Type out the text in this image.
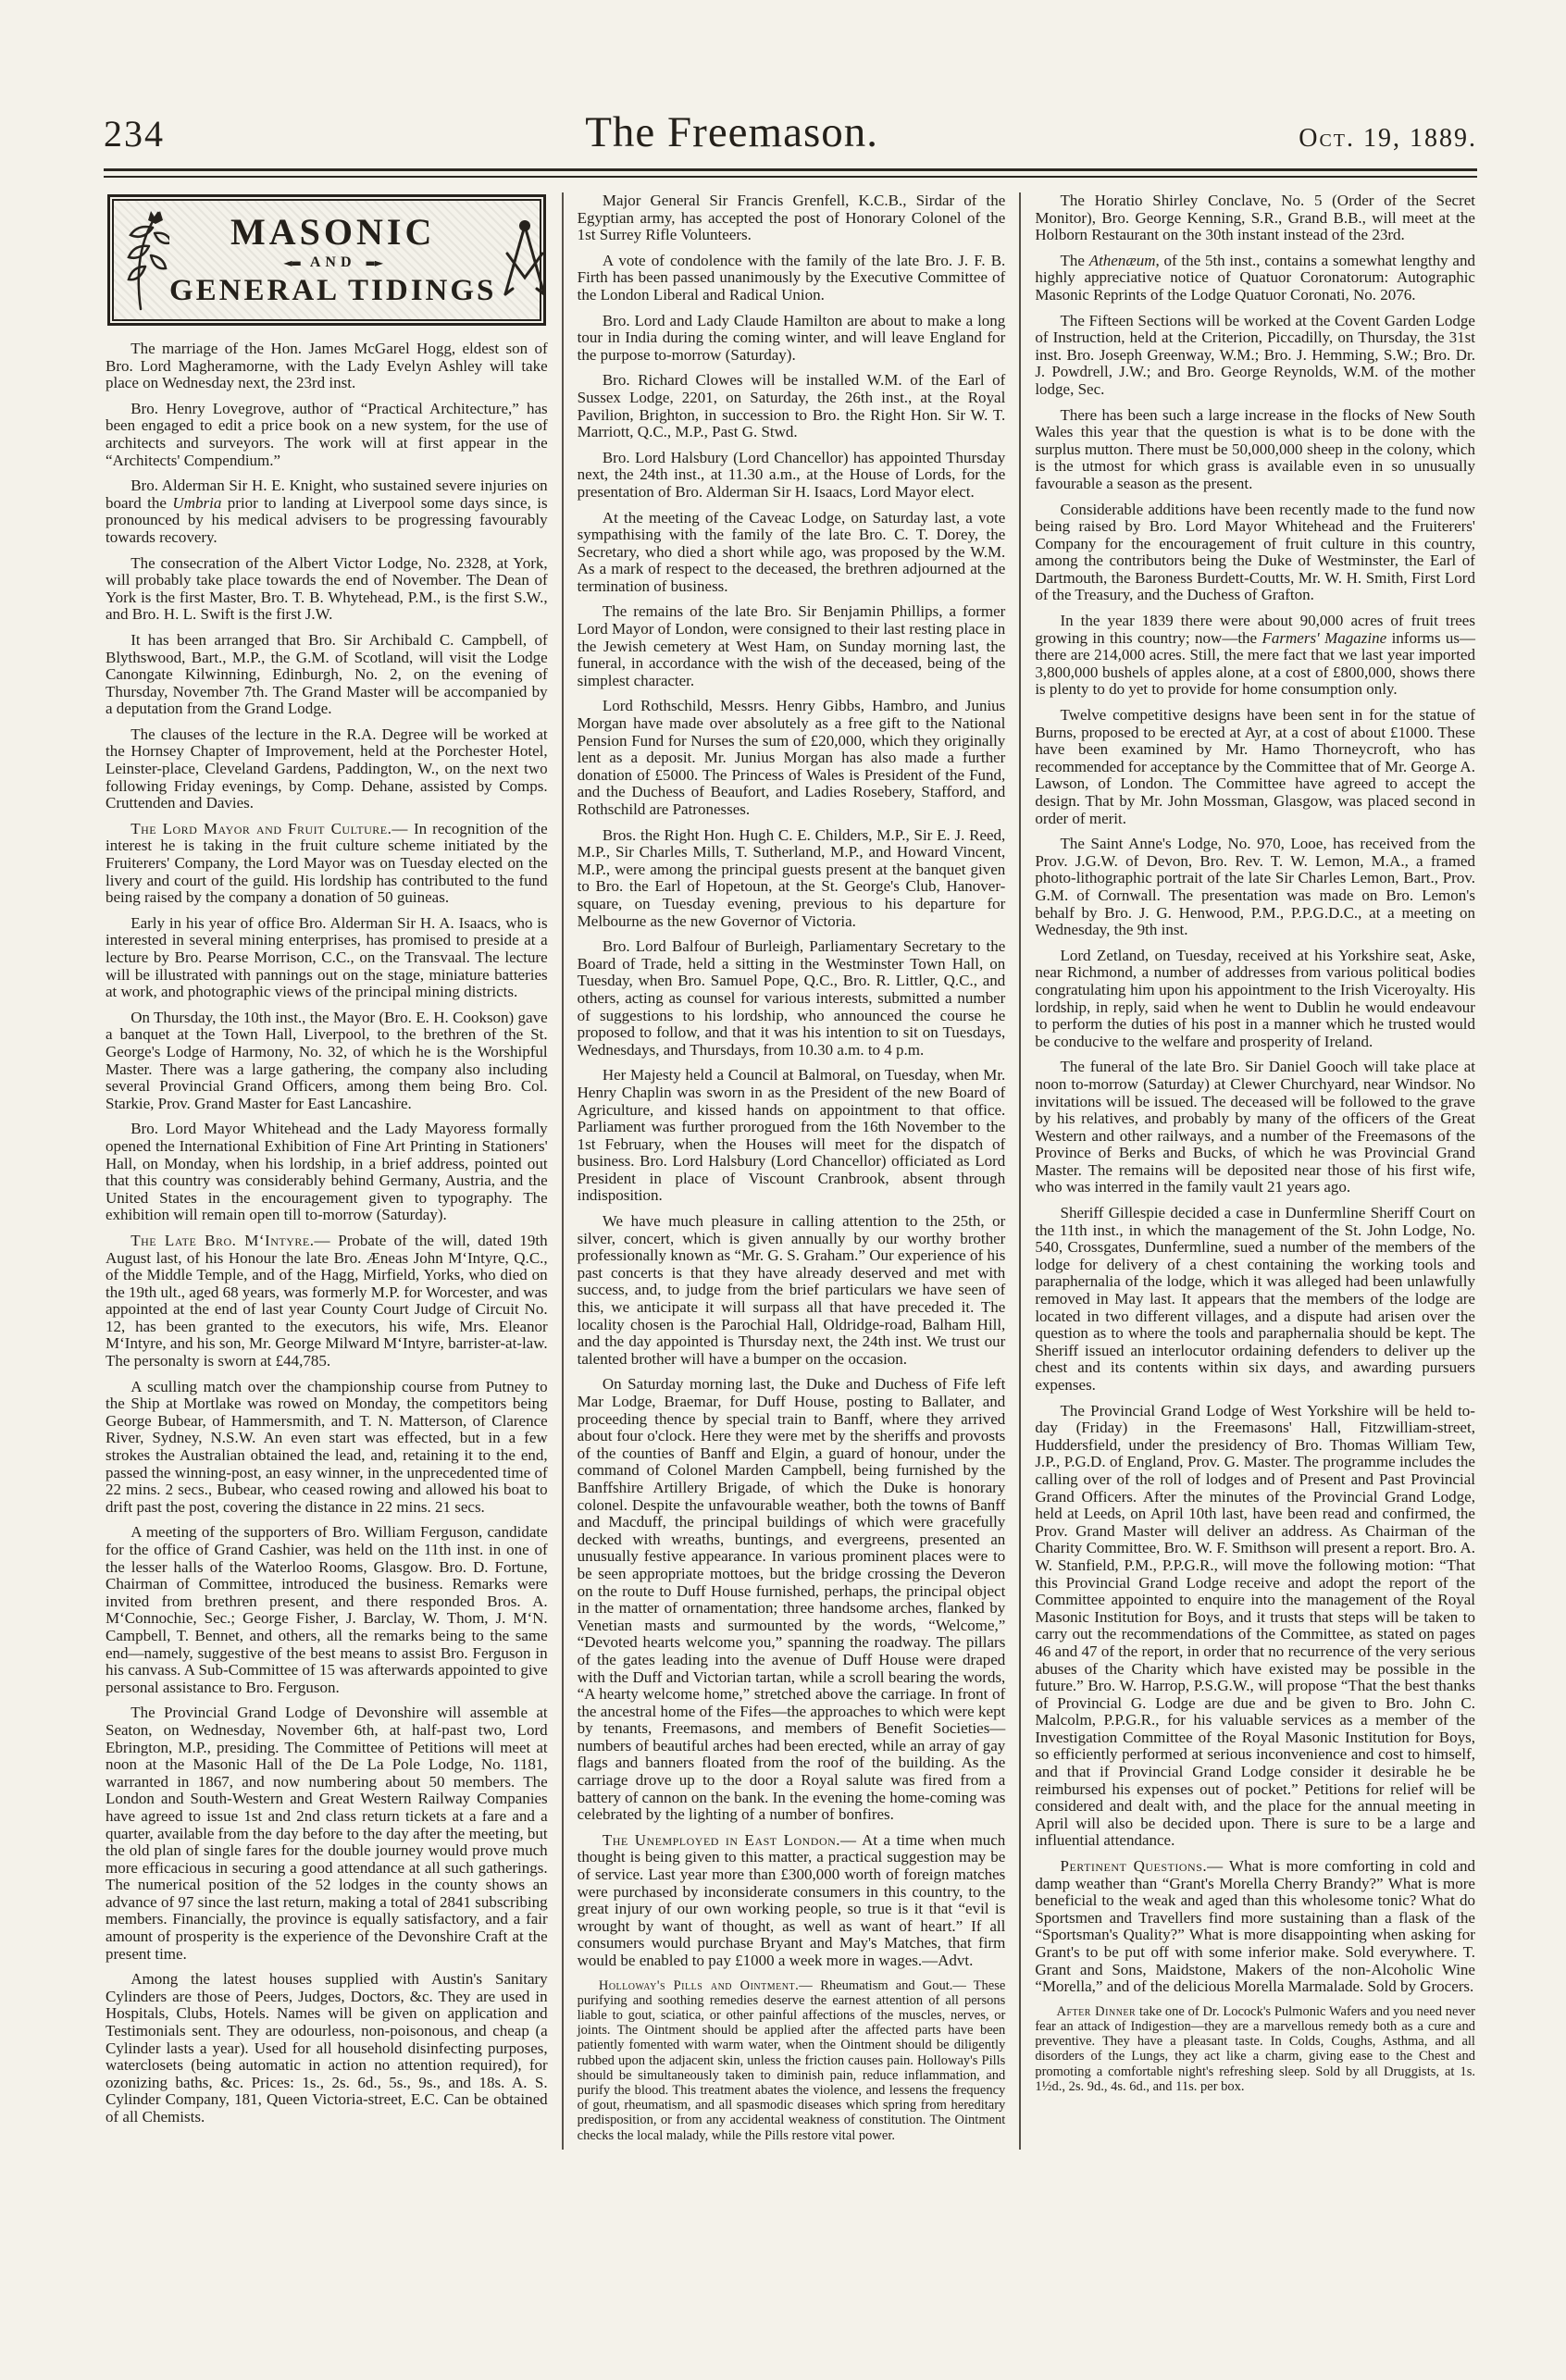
234	The Freemason.	Oct. 19, 1889.
MASONIC
◄▬ AND ▬►
GENERAL TIDINGS

The marriage of the Hon. James McGarel Hogg, eldest son of Bro. Lord Magheramorne, with the Lady Evelyn Ashley will take place on Wednesday next, the 23rd inst.

Bro. Henry Lovegrove, author of “Practical Architecture,” has been engaged to edit a price book on a new system, for the use of architects and surveyors. The work will at first appear in the “Architects' Compendium.”

Bro. Alderman Sir H. E. Knight, who sustained severe injuries on board the Umbria prior to landing at Liverpool some days since, is pronounced by his medical advisers to be progressing favourably towards recovery.

The consecration of the Albert Victor Lodge, No. 2328, at York, will probably take place towards the end of November. The Dean of York is the first Master, Bro. T. B. Whytehead, P.M., is the first S.W., and Bro. H. L. Swift is the first J.W.

It has been arranged that Bro. Sir Archibald C. Campbell, of Blythswood, Bart., M.P., the G.M. of Scotland, will visit the Lodge Canongate Kilwinning, Edinburgh, No. 2, on the evening of Thursday, November 7th. The Grand Master will be accompanied by a deputation from the Grand Lodge.

The clauses of the lecture in the R.A. Degree will be worked at the Hornsey Chapter of Improvement, held at the Porchester Hotel, Leinster-place, Cleveland Gardens, Paddington, W., on the next two following Friday evenings, by Comp. Dehane, assisted by Comps. Cruttenden and Davies.

The Lord Mayor and Fruit Culture.— In recognition of the interest he is taking in the fruit culture scheme initiated by the Fruiterers' Company, the Lord Mayor was on Tuesday elected on the livery and court of the guild. His lordship has contributed to the fund being raised by the company a donation of 50 guineas.

Early in his year of office Bro. Alderman Sir H. A. Isaacs, who is interested in several mining enterprises, has promised to preside at a lecture by Bro. Pearse Morrison, C.C., on the Transvaal. The lecture will be illustrated with pannings out on the stage, miniature batteries at work, and photographic views of the principal mining districts.

On Thursday, the 10th inst., the Mayor (Bro. E. H. Cookson) gave a banquet at the Town Hall, Liverpool, to the brethren of the St. George's Lodge of Harmony, No. 32, of which he is the Worshipful Master. There was a large gathering, the company also including several Provincial Grand Officers, among them being Bro. Col. Starkie, Prov. Grand Master for East Lancashire.

Bro. Lord Mayor Whitehead and the Lady Mayoress formally opened the International Exhibition of Fine Art Printing in Stationers' Hall, on Monday, when his lordship, in a brief address, pointed out that this country was considerably behind Germany, Austria, and the United States in the encouragement given to typography. The exhibition will remain open till to-morrow (Saturday).

The Late Bro. M‘Intyre.— Probate of the will, dated 19th August last, of his Honour the late Bro. Æneas John M‘Intyre, Q.C., of the Middle Temple, and of the Hagg, Mirfield, Yorks, who died on the 19th ult., aged 68 years, was formerly M.P. for Worcester, and was appointed at the end of last year County Court Judge of Circuit No. 12, has been granted to the executors, his wife, Mrs. Eleanor M‘Intyre, and his son, Mr. George Milward M‘Intyre, barrister-at-law. The personalty is sworn at £44,785.

A sculling match over the championship course from Putney to the Ship at Mortlake was rowed on Monday, the competitors being George Bubear, of Hammersmith, and T. N. Matterson, of Clarence River, Sydney, N.S.W. An even start was effected, but in a few strokes the Australian obtained the lead, and, retaining it to the end, passed the winning-post, an easy winner, in the unprecedented time of 22 mins. 2 secs., Bubear, who ceased rowing and allowed his boat to drift past the post, covering the distance in 22 mins. 21 secs.

A meeting of the supporters of Bro. William Ferguson, candidate for the office of Grand Cashier, was held on the 11th inst. in one of the lesser halls of the Waterloo Rooms, Glasgow. Bro. D. Fortune, Chairman of Committee, introduced the business. Remarks were invited from brethren present, and there responded Bros. A. M‘Connochie, Sec.; George Fisher, J. Barclay, W. Thom, J. M‘N. Campbell, T. Bennet, and others, all the remarks being to the same end—namely, suggestive of the best means to assist Bro. Ferguson in his canvass. A Sub-Committee of 15 was afterwards appointed to give personal assistance to Bro. Ferguson.

The Provincial Grand Lodge of Devonshire will assemble at Seaton, on Wednesday, November 6th, at half-past two, Lord Ebrington, M.P., presiding. The Committee of Petitions will meet at noon at the Masonic Hall of the De La Pole Lodge, No. 1181, warranted in 1867, and now numbering about 50 members. The London and South-Western and Great Western Railway Companies have agreed to issue 1st and 2nd class return tickets at a fare and a quarter, available from the day before to the day after the meeting, but the old plan of single fares for the double journey would prove much more efficacious in securing a good attendance at all such gatherings. The numerical position of the 52 lodges in the county shows an advance of 97 since the last return, making a total of 2841 subscribing members. Financially, the province is equally satisfactory, and a fair amount of prosperity is the experience of the Devonshire Craft at the present time.

Among the latest houses supplied with Austin's Sanitary Cylinders are those of Peers, Judges, Doctors, &c. They are used in Hospitals, Clubs, Hotels. Names will be given on application and Testimonials sent. They are odourless, non-poisonous, and cheap (a Cylinder lasts a year). Used for all household disinfecting purposes, waterclosets (being automatic in action no attention required), for ozonizing baths, &c. Prices: 1s., 2s. 6d., 5s., 9s., and 18s. A. S. Cylinder Company, 181, Queen Victoria-street, E.C. Can be obtained of all Chemists.

Major General Sir Francis Grenfell, K.C.B., Sirdar of the Egyptian army, has accepted the post of Honorary Colonel of the 1st Surrey Rifle Volunteers.

A vote of condolence with the family of the late Bro. J. F. B. Firth has been passed unanimously by the Executive Committee of the London Liberal and Radical Union.

Bro. Lord and Lady Claude Hamilton are about to make a long tour in India during the coming winter, and will leave England for the purpose to-morrow (Saturday).

Bro. Richard Clowes will be installed W.M. of the Earl of Sussex Lodge, 2201, on Saturday, the 26th inst., at the Royal Pavilion, Brighton, in succession to Bro. the Right Hon. Sir W. T. Marriott, Q.C., M.P., Past G. Stwd.

Bro. Lord Halsbury (Lord Chancellor) has appointed Thursday next, the 24th inst., at 11.30 a.m., at the House of Lords, for the presentation of Bro. Alderman Sir H. Isaacs, Lord Mayor elect.

At the meeting of the Caveac Lodge, on Saturday last, a vote sympathising with the family of the late Bro. C. T. Dorey, the Secretary, who died a short while ago, was proposed by the W.M. As a mark of respect to the deceased, the brethren adjourned at the termination of business.

The remains of the late Bro. Sir Benjamin Phillips, a former Lord Mayor of London, were consigned to their last resting place in the Jewish cemetery at West Ham, on Sunday morning last, the funeral, in accordance with the wish of the deceased, being of the simplest character.

Lord Rothschild, Messrs. Henry Gibbs, Hambro, and Junius Morgan have made over absolutely as a free gift to the National Pension Fund for Nurses the sum of £20,000, which they originally lent as a deposit. Mr. Junius Morgan has also made a further donation of £5000. The Princess of Wales is President of the Fund, and the Duchess of Beaufort, and Ladies Rosebery, Stafford, and Rothschild are Patronesses.

Bros. the Right Hon. Hugh C. E. Childers, M.P., Sir E. J. Reed, M.P., Sir Charles Mills, T. Sutherland, M.P., and Howard Vincent, M.P., were among the principal guests present at the banquet given to Bro. the Earl of Hopetoun, at the St. George's Club, Hanover-square, on Tuesday evening, previous to his departure for Melbourne as the new Governor of Victoria.

Bro. Lord Balfour of Burleigh, Parliamentary Secretary to the Board of Trade, held a sitting in the Westminster Town Hall, on Tuesday, when Bro. Samuel Pope, Q.C., Bro. R. Littler, Q.C., and others, acting as counsel for various interests, submitted a number of suggestions to his lordship, who announced the course he proposed to follow, and that it was his intention to sit on Tuesdays, Wednesdays, and Thursdays, from 10.30 a.m. to 4 p.m.

Her Majesty held a Council at Balmoral, on Tuesday, when Mr. Henry Chaplin was sworn in as the President of the new Board of Agriculture, and kissed hands on appointment to that office. Parliament was further prorogued from the 16th November to the 1st February, when the Houses will meet for the dispatch of business. Bro. Lord Halsbury (Lord Chancellor) officiated as Lord President in place of Viscount Cranbrook, absent through indisposition.

We have much pleasure in calling attention to the 25th, or silver, concert, which is given annually by our worthy brother professionally known as “Mr. G. S. Graham.” Our experience of his past concerts is that they have already deserved and met with success, and, to judge from the brief particulars we have seen of this, we anticipate it will surpass all that have preceded it. The locality chosen is the Parochial Hall, Oldridge-road, Balham Hill, and the day appointed is Thursday next, the 24th inst. We trust our talented brother will have a bumper on the occasion.

On Saturday morning last, the Duke and Duchess of Fife left Mar Lodge, Braemar, for Duff House, posting to Ballater, and proceeding thence by special train to Banff, where they arrived about four o'clock. Here they were met by the sheriffs and provosts of the counties of Banff and Elgin, a guard of honour, under the command of Colonel Marden Campbell, being furnished by the Banffshire Artillery Brigade, of which the Duke is honorary colonel. Despite the unfavourable weather, both the towns of Banff and Macduff, the principal buildings of which were gracefully decked with wreaths, buntings, and evergreens, presented an unusually festive appearance. In various prominent places were to be seen appropriate mottoes, but the bridge crossing the Deveron on the route to Duff House furnished, perhaps, the principal object in the matter of ornamentation; three handsome arches, flanked by Venetian masts and surmounted by the words, “Welcome,” “Devoted hearts welcome you,” spanning the roadway. The pillars of the gates leading into the avenue of Duff House were draped with the Duff and Victorian tartan, while a scroll bearing the words, “A hearty welcome home,” stretched above the carriage. In front of the ancestral home of the Fifes—the approaches to which were kept by tenants, Freemasons, and members of Benefit Societies—numbers of beautiful arches had been erected, while an array of gay flags and banners floated from the roof of the building. As the carriage drove up to the door a Royal salute was fired from a battery of cannon on the bank. In the evening the home-coming was celebrated by the lighting of a number of bonfires.

The Unemployed in East London.— At a time when much thought is being given to this matter, a practical suggestion may be of service. Last year more than £300,000 worth of foreign matches were purchased by inconsiderate consumers in this country, to the great injury of our own working people, so true is it that “evil is wrought by want of thought, as well as want of heart.” If all consumers would purchase Bryant and May's Matches, that firm would be enabled to pay £1000 a week more in wages.—Advt.

Holloway's Pills and Ointment.— Rheumatism and Gout.— These purifying and soothing remedies deserve the earnest attention of all persons liable to gout, sciatica, or other painful affections of the muscles, nerves, or joints. The Ointment should be applied after the affected parts have been patiently fomented with warm water, when the Ointment should be diligently rubbed upon the adjacent skin, unless the friction causes pain. Holloway's Pills should be simultaneously taken to diminish pain, reduce inflammation, and purify the blood. This treatment abates the violence, and lessens the frequency of gout, rheumatism, and all spasmodic diseases which spring from hereditary predisposition, or from any accidental weakness of constitution. The Ointment checks the local malady, while the Pills restore vital power.

The Horatio Shirley Conclave, No. 5 (Order of the Secret Monitor), Bro. George Kenning, S.R., Grand B.B., will meet at the Holborn Restaurant on the 30th instant instead of the 23rd.

The Athenæum, of the 5th inst., contains a somewhat lengthy and highly appreciative notice of Quatuor Coronatorum: Autographic Masonic Reprints of the Lodge Quatuor Coronati, No. 2076.

The Fifteen Sections will be worked at the Covent Garden Lodge of Instruction, held at the Criterion, Piccadilly, on Thursday, the 31st inst. Bro. Joseph Greenway, W.M.; Bro. J. Hemming, S.W.; Bro. Dr. J. Powdrell, J.W.; and Bro. George Reynolds, W.M. of the mother lodge, Sec.

There has been such a large increase in the flocks of New South Wales this year that the question is what is to be done with the surplus mutton. There must be 50,000,000 sheep in the colony, which is the utmost for which grass is available even in so unusually favourable a season as the present.

Considerable additions have been recently made to the fund now being raised by Bro. Lord Mayor Whitehead and the Fruiterers' Company for the encouragement of fruit culture in this country, among the contributors being the Duke of Westminster, the Earl of Dartmouth, the Baroness Burdett-Coutts, Mr. W. H. Smith, First Lord of the Treasury, and the Duchess of Grafton.

In the year 1839 there were about 90,000 acres of fruit trees growing in this country; now—the Farmers' Magazine informs us—there are 214,000 acres. Still, the mere fact that we last year imported 3,800,000 bushels of apples alone, at a cost of £800,000, shows there is plenty to do yet to provide for home consumption only.

Twelve competitive designs have been sent in for the statue of Burns, proposed to be erected at Ayr, at a cost of about £1000. These have been examined by Mr. Hamo Thorneycroft, who has recommended for acceptance by the Committee that of Mr. George A. Lawson, of London. The Committee have agreed to accept the design. That by Mr. John Mossman, Glasgow, was placed second in order of merit.

The Saint Anne's Lodge, No. 970, Looe, has received from the Prov. J.G.W. of Devon, Bro. Rev. T. W. Lemon, M.A., a framed photo-lithographic portrait of the late Sir Charles Lemon, Bart., Prov. G.M. of Cornwall. The presentation was made on Bro. Lemon's behalf by Bro. J. G. Henwood, P.M., P.P.G.D.C., at a meeting on Wednesday, the 9th inst.

Lord Zetland, on Tuesday, received at his Yorkshire seat, Aske, near Richmond, a number of addresses from various political bodies congratulating him upon his appointment to the Irish Viceroyalty. His lordship, in reply, said when he went to Dublin he would endeavour to perform the duties of his post in a manner which he trusted would be conducive to the welfare and prosperity of Ireland.

The funeral of the late Bro. Sir Daniel Gooch will take place at noon to-morrow (Saturday) at Clewer Churchyard, near Windsor. No invitations will be issued. The deceased will be followed to the grave by his relatives, and probably by many of the officers of the Great Western and other railways, and a number of the Freemasons of the Province of Berks and Bucks, of which he was Provincial Grand Master. The remains will be deposited near those of his first wife, who was interred in the family vault 21 years ago.

Sheriff Gillespie decided a case in Dunfermline Sheriff Court on the 11th inst., in which the management of the St. John Lodge, No. 540, Crossgates, Dunfermline, sued a number of the members of the lodge for delivery of a chest containing the working tools and paraphernalia of the lodge, which it was alleged had been unlawfully removed in May last. It appears that the members of the lodge are located in two different villages, and a dispute had arisen over the question as to where the tools and paraphernalia should be kept. The Sheriff issued an interlocutor ordaining defenders to deliver up the chest and its contents within six days, and awarding pursuers expenses.

The Provincial Grand Lodge of West Yorkshire will be held to-day (Friday) in the Freemasons' Hall, Fitzwilliam-street, Huddersfield, under the presidency of Bro. Thomas William Tew, J.P., P.G.D. of England, Prov. G. Master. The programme includes the calling over of the roll of lodges and of Present and Past Provincial Grand Officers. After the minutes of the Provincial Grand Lodge, held at Leeds, on April 10th last, have been read and confirmed, the Prov. Grand Master will deliver an address. As Chairman of the Charity Committee, Bro. W. F. Smithson will present a report. Bro. A. W. Stanfield, P.M., P.P.G.R., will move the following motion: “That this Provincial Grand Lodge receive and adopt the report of the Committee appointed to enquire into the management of the Royal Masonic Institution for Boys, and it trusts that steps will be taken to carry out the recommendations of the Committee, as stated on pages 46 and 47 of the report, in order that no recurrence of the very serious abuses of the Charity which have existed may be possible in the future.” Bro. W. Harrop, P.S.G.W., will propose “That the best thanks of Provincial G. Lodge are due and be given to Bro. John C. Malcolm, P.P.G.R., for his valuable services as a member of the Investigation Committee of the Royal Masonic Institution for Boys, so efficiently performed at serious inconvenience and cost to himself, and that if Provincial Grand Lodge consider it desirable he be reimbursed his expenses out of pocket.” Petitions for relief will be considered and dealt with, and the place for the annual meeting in April will also be decided upon. There is sure to be a large and influential attendance.

Pertinent Questions.— What is more comforting in cold and damp weather than “Grant's Morella Cherry Brandy?” What is more beneficial to the weak and aged than this wholesome tonic? What do Sportsmen and Travellers find more sustaining than a flask of the “Sportsman's Quality?” What is more disappointing when asking for Grant's to be put off with some inferior make. Sold everywhere. T. Grant and Sons, Maidstone, Makers of the non-Alcoholic Wine “Morella,” and of the delicious Morella Marmalade. Sold by Grocers.

After Dinner take one of Dr. Locock's Pulmonic Wafers and you need never fear an attack of Indigestion—they are a marvellous remedy both as a cure and preventive. They have a pleasant taste. In Colds, Coughs, Asthma, and all disorders of the Lungs, they act like a charm, giving ease to the Chest and promoting a comfortable night's refreshing sleep. Sold by all Druggists, at 1s. 1½d., 2s. 9d., 4s. 6d., and 11s. per box.
